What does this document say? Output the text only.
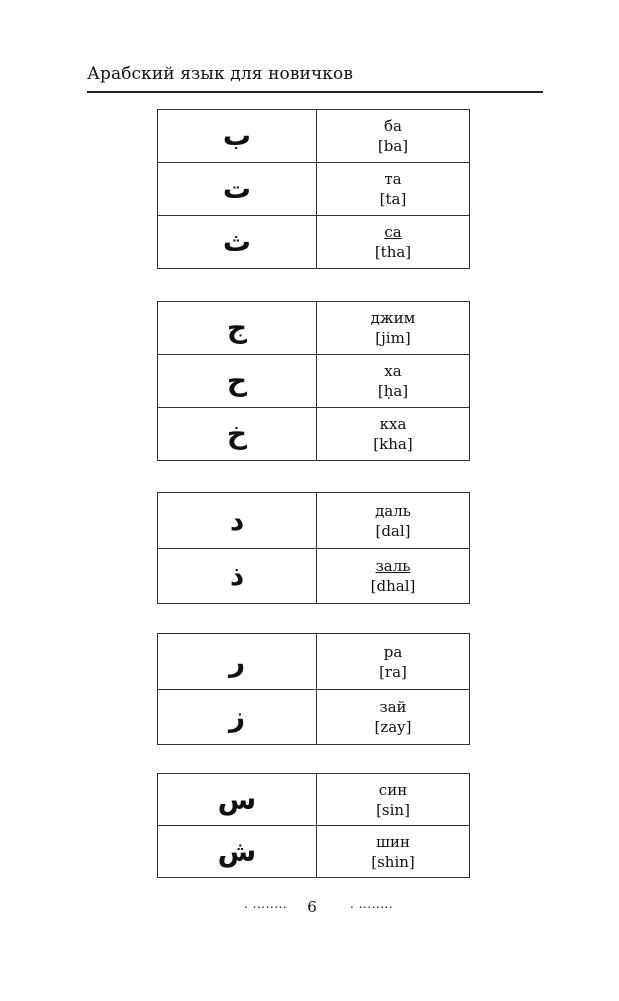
Арабский язык для новичков
ب	ба
[ba]

ت	та
[ta]

ث	са
[tha]
ج	джим
[jim]

ح	ха
[ḥa]

خ	кха
[kha]
د	даль
[dal]

ذ	заль
[dhal]
ر	ра
[ra]

ز	зай
[zay]
س	син
[sin]

ش	шин
[shin]
. ........	6	. ........
